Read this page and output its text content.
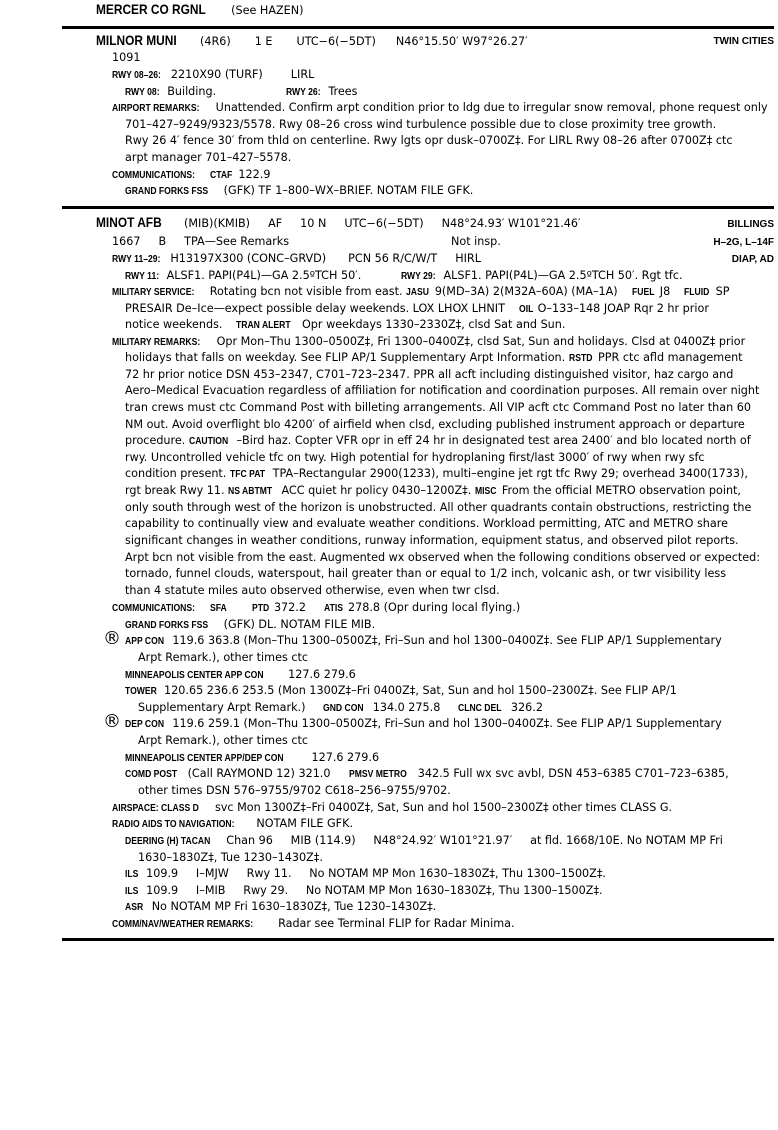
MERCER CO RGNL (See HAZEN)
MILNOR MUNI (4R6) 1 E UTC−6(−5DT) N46°15.50′ W97°26.27′	TWIN CITIES
1091
RWY 08–26: 2210X90 (TURF)	LIRL
RWY 08: Building.	RWY 26: Trees
AIRPORT REMARKS: Unattended. Confirm arpt condition prior to ldg due to irregular snow removal, phone request only
701–427–9249/9323/5578. Rwy 08–26 cross wind turbulence possible due to close proximity tree growth.
Rwy 26 4′ fence 30′ from thld on centerline. Rwy lgts opr dusk–0700Z‡. For LIRL Rwy 08–26 after 0700Z‡ ctc
arpt manager 701–427–5578.
COMMUNICATIONS: CTAF 122.9
GRAND FORKS FSS (GFK) TF 1–800–WX–BRIEF. NOTAM FILE GFK.
MINOT AFB (MIB)(KMIB) AF 10 N UTC−6(−5DT) N48°24.93′ W101°21.46′	BILLINGS
1667 B TPA—See Remarks	Not insp.	H–2G, L–14F
RWY 11–29: H13197X300 (CONC–GRVD) PCN 56 R/C/W/T HIRL	DIAP, AD
RWY 11: ALSF1. PAPI(P4L)—GA 2.5ºTCH 50′.	RWY 29: ALSF1. PAPI(P4L)—GA 2.5ºTCH 50′. Rgt tfc.
MILITARY SERVICE: Rotating bcn not visible from east. JASU 9(MD–3A) 2(M32A–60A) (MA–1A) FUEL J8 FLUID SP
PRESAIR De–Ice—expect possible delay weekends. LOX LHOX LHNIT OIL O–133–148 JOAP Rqr 2 hr prior
notice weekends. TRAN ALERT Opr weekdays 1330–2330Z‡, clsd Sat and Sun.
MILITARY REMARKS: Opr Mon–Thu 1300–0500Z‡, Fri 1300–0400Z‡, clsd Sat, Sun and holidays. Clsd at 0400Z‡ prior
holidays that falls on weekday. See FLIP AP/1 Supplementary Arpt Information. RSTD PPR ctc afld management
72 hr prior notice DSN 453–2347, C701–723–2347. PPR all acft including distinguished visitor, haz cargo and
Aero–Medical Evacuation regardless of affiliation for notification and coordination purposes. All remain over night
tran crews must ctc Command Post with billeting arrangements. All VIP acft ctc Command Post no later than 60
NM out. Avoid overflight blo 4200′ of airfield when clsd, excluding published instrument approach or departure
procedure. CAUTION –Bird haz. Copter VFR opr in eff 24 hr in designated test area 2400′ and blo located north of
rwy. Uncontrolled vehicle tfc on twy. High potential for hydroplaning first/last 3000′ of rwy when rwy sfc
condition present. TFC PAT TPA–Rectangular 2900(1233), multi–engine jet rgt tfc Rwy 29; overhead 3400(1733),
rgt break Rwy 11. NS ABTMT ACC quiet hr policy 0430–1200Z‡. MISC From the official METRO observation point,
only south through west of the horizon is unobstructed. All other quadrants contain obstructions, restricting the
capability to continually view and evaluate weather conditions. Workload permitting, ATC and METRO share
significant changes in weather conditions, runway information, equipment status, and observed pilot reports.
Arpt bcn not visible from the east. Augmented wx observed when the following conditions observed or expected:
tornado, funnel clouds, waterspout, hail greater than or equal to 1/2 inch, volcanic ash, or twr visibility less
than 4 statute miles auto observed otherwise, even when twr clsd.
COMMUNICATIONS: SFA PTD 372.2 ATIS 278.8 (Opr during local flying.)
GRAND FORKS FSS (GFK) DL. NOTAM FILE MIB.
® APP CON 119.6 363.8 (Mon–Thu 1300–0500Z‡, Fri–Sun and hol 1300–0400Z‡. See FLIP AP/1 Supplementary
Arpt Remark.), other times ctc
MINNEAPOLIS CENTER APP CON 127.6 279.6
TOWER 120.65 236.6 253.5 (Mon 1300Z‡–Fri 0400Z‡, Sat, Sun and hol 1500–2300Z‡. See FLIP AP/1
Supplementary Arpt Remark.) GND CON 134.0 275.8 CLNC DEL 326.2
® DEP CON 119.6 259.1 (Mon–Thu 1300–0500Z‡, Fri–Sun and hol 1300–0400Z‡. See FLIP AP/1 Supplementary
Arpt Remark.), other times ctc
MINNEAPOLIS CENTER APP/DEP CON 127.6 279.6
COMD POST (Call RAYMOND 12) 321.0 PMSV METRO 342.5 Full wx svc avbl, DSN 453–6385 C701–723–6385,
other times DSN 576–9755/9702 C618–256–9755/9702.
AIRSPACE: CLASS D svc Mon 1300Z‡–Fri 0400Z‡, Sat, Sun and hol 1500–2300Z‡ other times CLASS G.
RADIO AIDS TO NAVIGATION: NOTAM FILE GFK.
DEERING (H) TACAN Chan 96     MIB (114.9)     N48°24.92′ W101°21.97′     at fld. 1668/10E. No NOTAM MP Fri
1630–1830Z‡, Tue 1230–1430Z‡.
ILS 109.9     I–MJW     Rwy 11.     No NOTAM MP Mon 1630–1830Z‡, Thu 1300–1500Z‡.
ILS 109.9     I–MIB     Rwy 29.     No NOTAM MP Mon 1630–1830Z‡, Thu 1300–1500Z‡.
ASR No NOTAM MP Fri 1630–1830Z‡, Tue 1230–1430Z‡.
COMM/NAV/WEATHER REMARKS: Radar see Terminal FLIP for Radar Minima.
